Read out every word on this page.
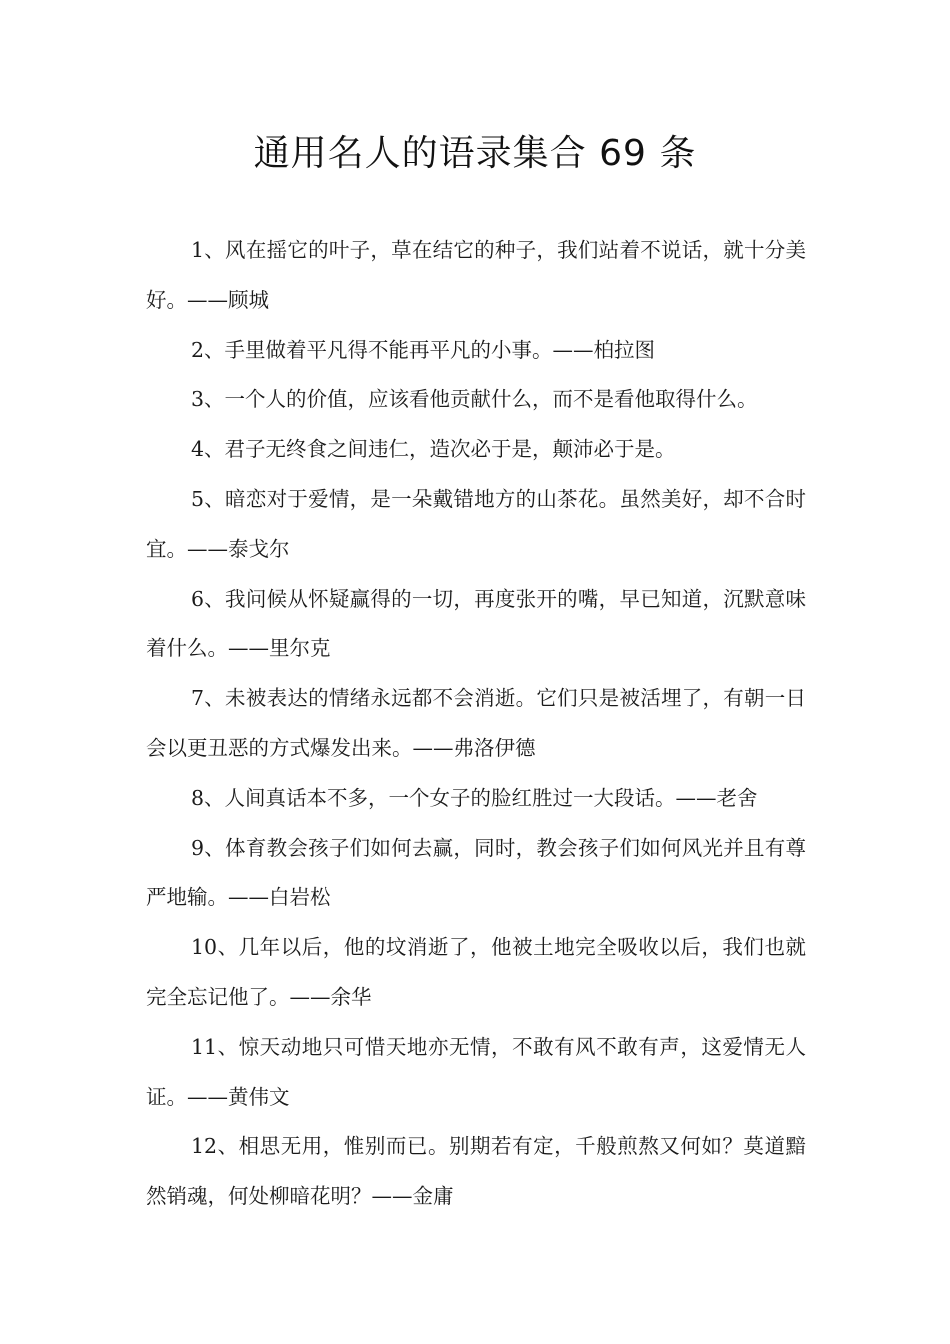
通用名人的语录集合 69 条

1、风在摇它的叶子，草在结它的种子，我们站着不说话，就十分美好。——顾城

2、手里做着平凡得不能再平凡的小事。——柏拉图

3、一个人的价值，应该看他贡献什么，而不是看他取得什么。

4、君子无终食之间违仁，造次必于是，颠沛必于是。

5、暗恋对于爱情，是一朵戴错地方的山茶花。虽然美好，却不合时宜。——泰戈尔

6、我问候从怀疑赢得的一切，再度张开的嘴，早已知道，沉默意味着什么。——里尔克

7、未被表达的情绪永远都不会消逝。它们只是被活埋了，有朝一日会以更丑恶的方式爆发出来。——弗洛伊德

8、人间真话本不多，一个女子的脸红胜过一大段话。——老舍

9、体育教会孩子们如何去赢，同时，教会孩子们如何风光并且有尊严地输。——白岩松

10、几年以后，他的坟消逝了，他被土地完全吸收以后，我们也就完全忘记他了。——余华

11、惊天动地只可惜天地亦无情，不敢有风不敢有声，这爱情无人证。——黄伟文

12、相思无用，惟别而已。别期若有定，千般煎熬又何如？莫道黯然销魂，何处柳暗花明？——金庸
